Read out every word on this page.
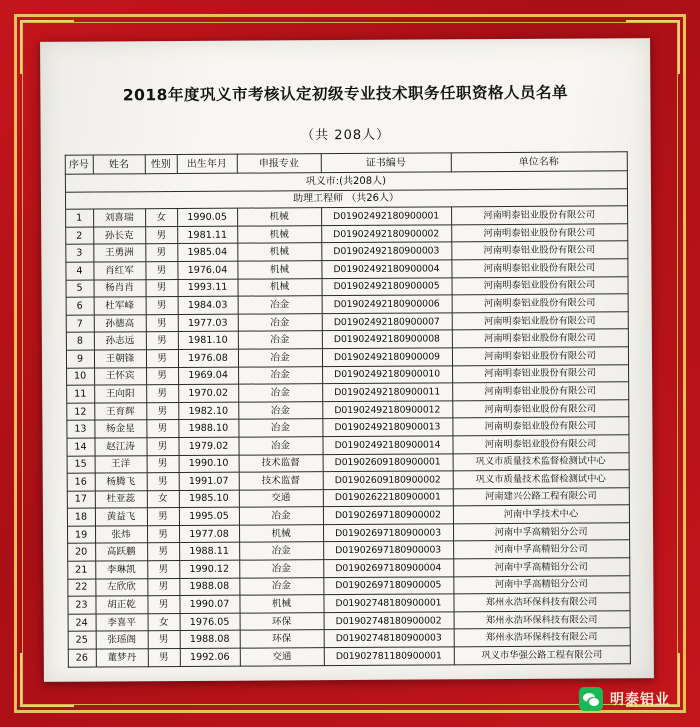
2018年度巩义市考核认定初级专业技术职务任职资格人员名单
（共 208人）
序号	姓名	性别	出生年月	申报专业	证书编号	单位名称
巩义市:(共208人)						
助理工程师 （共26人）						
1	刘喜瑞	女	1990.05	机械	D01902492180900001	河南明泰铝业股份有限公司
2	孙长克	男	1981.11	机械	D01902492180900002	河南明泰铝业股份有限公司
3	王勇洲	男	1985.04	机械	D01902492180900003	河南明泰铝业股份有限公司
4	肖红军	男	1976.04	机械	D01902492180900004	河南明泰铝业股份有限公司
5	杨肖肖	男	1993.11	机械	D01902492180900005	河南明泰铝业股份有限公司
6	杜军峰	男	1984.03	冶金	D01902492180900006	河南明泰铝业股份有限公司
7	孙德高	男	1977.03	冶金	D01902492180900007	河南明泰铝业股份有限公司
8	孙志远	男	1981.10	冶金	D01902492180900008	河南明泰铝业股份有限公司
9	王朝锋	男	1976.08	冶金	D01902492180900009	河南明泰铝业股份有限公司
10	王怀宾	男	1969.04	冶金	D01902492180900010	河南明泰铝业股份有限公司
11	王向阳	男	1970.02	冶金	D01902492180900011	河南明泰铝业股份有限公司
12	王育辉	男	1982.10	冶金	D01902492180900012	河南明泰铝业股份有限公司
13	杨金星	男	1988.10	冶金	D01902492180900013	河南明泰铝业股份有限公司
14	赵江涛	男	1979.02	冶金	D01902492180900014	河南明泰铝业股份有限公司
15	王洋	男	1990.10	技术监督	D01902609180900001	巩义市质量技术监督检测试中心
16	杨腾飞	男	1991.07	技术监督	D01902609180900002	巩义市质量技术监督检测试中心
17	杜亚蕊	女	1985.10	交通	D01902622180900001	河南建兴公路工程有限公司
18	黄益飞	男	1995.05	冶金	D01902697180900002	河南中孚技术中心
19	张炜	男	1977.08	机械	D01902697180900003	河南中孚高精铝分公司
20	高跃鹏	男	1988.11	冶金	D01902697180900003	河南中孚高精铝分公司
21	李琳凯	男	1990.12	冶金	D01902697180900004	河南中孚高精铝分公司
22	左欣欣	男	1988.08	冶金	D01902697180900005	河南中孚高精铝分公司
23	胡正乾	男	1990.07	机械	D01902748180900001	郑州永浩环保科技有限公司
24	李喜平	女	1976.05	环保	D01902748180900002	郑州永浩环保科技有限公司
25	张瑶阁	男	1988.08	环保	D01902748180900003	郑州永浩环保科技有限公司
26	董梦丹	男	1992.06	交通	D01902781180900001	巩义市华强公路工程有限公司
明泰铝业
